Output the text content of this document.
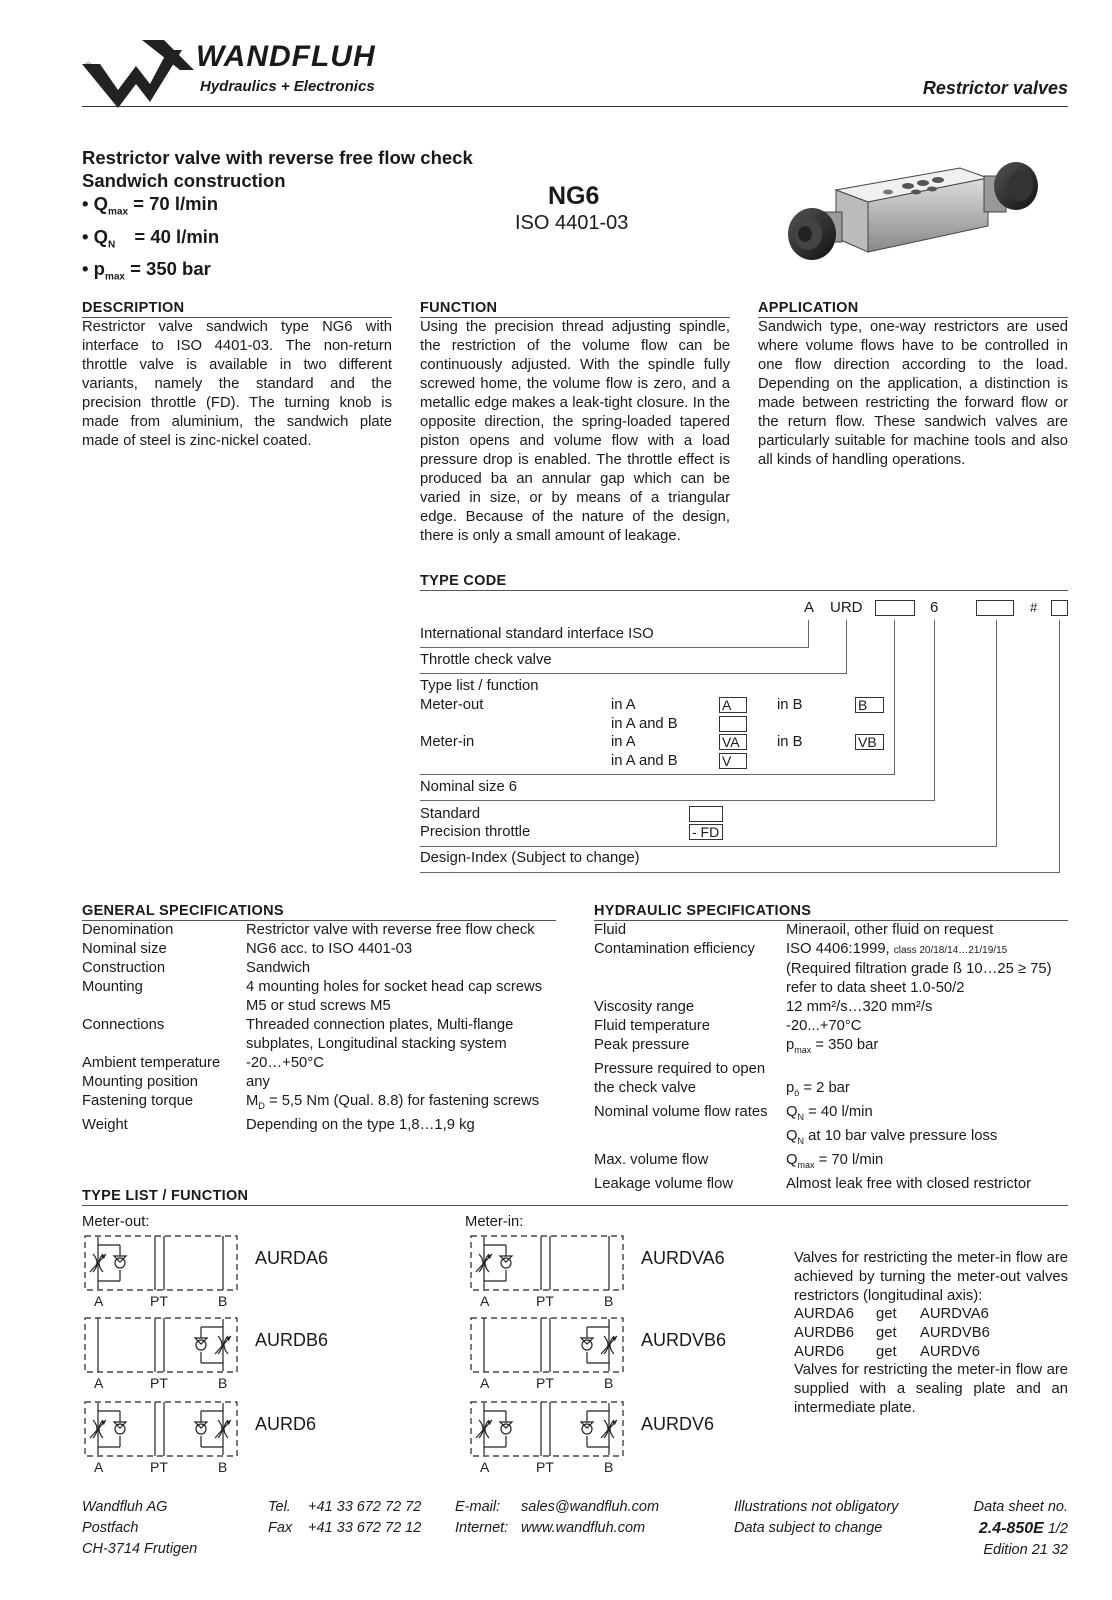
®	WANDFLUH
Hydraulics + Electronics	Restrictor valves
Restrictor valve with reverse free flow check
Sandwich construction
• $Q_{max} = 70$ l/min
• $Q_N = 40$ l/min
• $p_{max} = 350$ bar
NG6
ISO 4401-03
DESCRIPTION
Restrictor valve sandwich type NG6 with interface to ISO 4401-03. The non-return throttle valve is available in two different variants, namely the standard and the precision throttle (FD). The turning knob is made from aluminium, the sandwich plate made of steel is zinc-nickel coated.
FUNCTION
Using the precision thread adjusting spindle, the restriction of the volume flow can be continuously adjusted. With the spindle fully screwed home, the volume flow is zero, and a metallic edge makes a leak-tight closure. In the opposite direction, the spring-loaded tapered piston opens and volume flow with a load pressure drop is enabled. The throttle effect is produced ba an annular gap which can be varied in size, or by means of a triangular edge. Because of the nature of the design, there is only a small amount of leakage.
APPLICATION
Sandwich type, one-way restrictors are used where volume flows have to be controlled in one flow direction according to the load. Depending on the application, a distinction is made between restricting the forward flow or the return flow. These sandwich valves are particularly suitable for machine tools and also all kinds of handling operations.
TYPE CODE
A URD	6	#
International standard interface ISO
Throttle check valve
Type list / function
Meter-out	in A	A	in B	B
in A and B
Meter-in	in A	VA	in B	VB
in A and B	V
Nominal size 6
Standard
Precision throttle	- FD
Design-Index (Subject to change)
GENERAL SPECIFICATIONS
Denomination	Restrictor valve with reverse free flow check
Nominal size	NG6 acc. to ISO 4401-03
Construction	Sandwich
Mounting	4 mounting holes for socket head cap screws
M5 or stud screws M5
Connections	Threaded connection plates, Multi-flange
subplates, Longitudinal stacking system
Ambient temperature -20…+50°C
Mounting position	any
Fastening torque	$M_D = 5,5$ Nm (Qual. 8.8) for fastening screws
Weight	Depending on the type 1,8…1,9 kg
HYDRAULIC SPECIFICATIONS
Fluid	Mineraoil, other fluid on request
Contamination efficiency ISO 4406:1999, class 20/18/14…21/19/15
(Required filtration grade ß 10…25 ≥ 75)
refer to data sheet 1.0-50/2
Viscosity range	12 mm²/s…320 mm²/s
Fluid temperature	-20...+70°C
Peak pressure	$p_{max} = 350$ bar
Pressure required to open
the check valve	$p_ö = 2$ bar
Nominal volume flow rates $Q_N = 40$ l/min
$Q_N$ at 10 bar valve pressure loss
Max. volume flow	$Q_{max} = 70$ l/min
Leakage volume flow	Almost leak free with closed restrictor
TYPE LIST / FUNCTION
Meter-out:	Meter-in:
A	PT	B
AURDA6
A	PT	B
AURDVA6
A	PT	B
AURDB6
A	PT	B
AURDVB6
A	PT	B
AURD6
A	PT	B
AURDV6
Valves for restricting the meter-in flow are achieved by turning the meter-out valves restrictors (longitudinal axis):
AURDA6 get AURDVA6
AURDB6 get AURDVB6
AURD6 get AURDV6
Valves for restricting the meter-in flow are supplied with a sealing plate and an intermediate plate.
Wandfluh AG
Postfach
CH-3714 Frutigen
Tel. +41 33 672 72 72
Fax +41 33 672 72 12
E-mail: sales@wandfluh.com
Internet: www.wandfluh.com
Illustrations not obligatory
Data subject to change
Data sheet no.
2.4-850E 1/2
Edition 21 32
